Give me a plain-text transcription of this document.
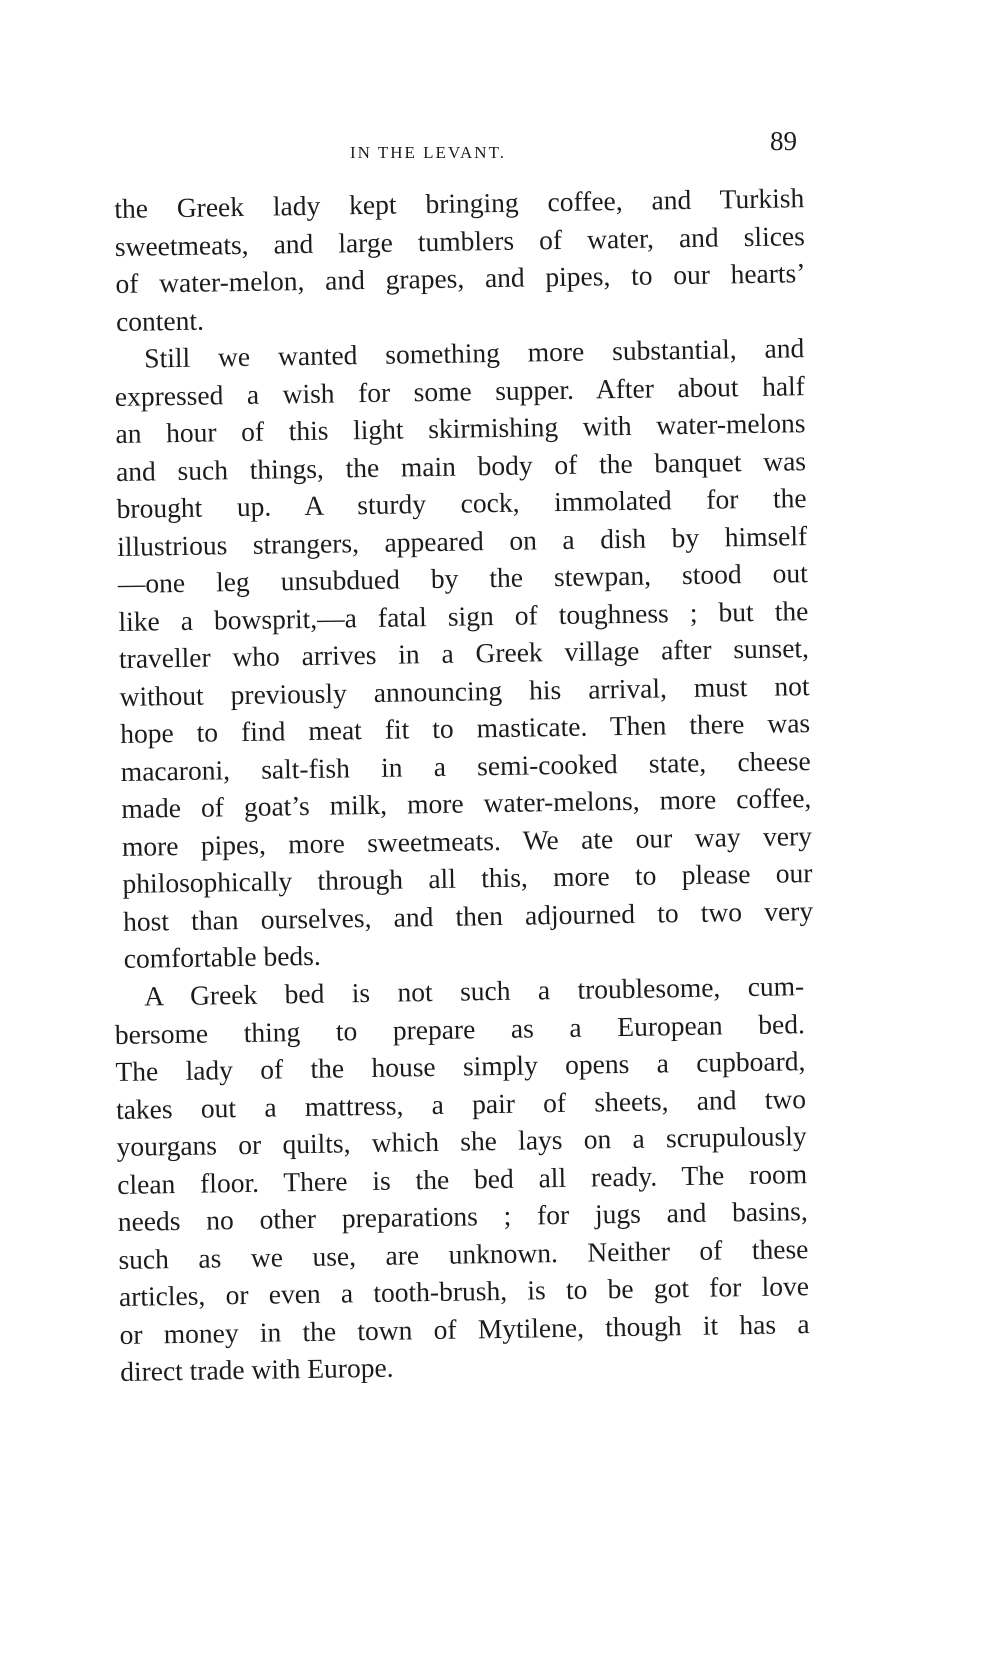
IN THE LEVANT.	89
the Greek lady kept bringing coffee, and Turkish
sweetmeats, and large tumblers of water, and slices
of water-melon, and grapes, and pipes, to our hearts’
content.
Still we wanted something more substantial, and
expressed a wish for some supper. After about half
an hour of this light skirmishing with water-melons
and such things, the main body of the banquet was
brought up. A sturdy cock, immolated for the
illustrious strangers, appeared on a dish by himself
—one leg unsubdued by the stewpan, stood out
like a bowsprit,—a fatal sign of toughness ; but the
traveller who arrives in a Greek village after sunset,
without previously announcing his arrival, must not
hope to find meat fit to masticate. Then there was
macaroni, salt-fish in a semi-cooked state, cheese
made of goat’s milk, more water-melons, more coffee,
more pipes, more sweetmeats. We ate our way very
philosophically through all this, more to please our
host than ourselves, and then adjourned to two very
comfortable beds.
A Greek bed is not such a troublesome, cum-
bersome thing to prepare as a European bed.
The lady of the house simply opens a cupboard,
takes out a mattress, a pair of sheets, and two
yourgans or quilts, which she lays on a scrupulously
clean floor. There is the bed all ready. The room
needs no other preparations ; for jugs and basins,
such as we use, are unknown. Neither of these
articles, or even a tooth-brush, is to be got for love
or money in the town of Mytilene, though it has a
direct trade with Europe.
